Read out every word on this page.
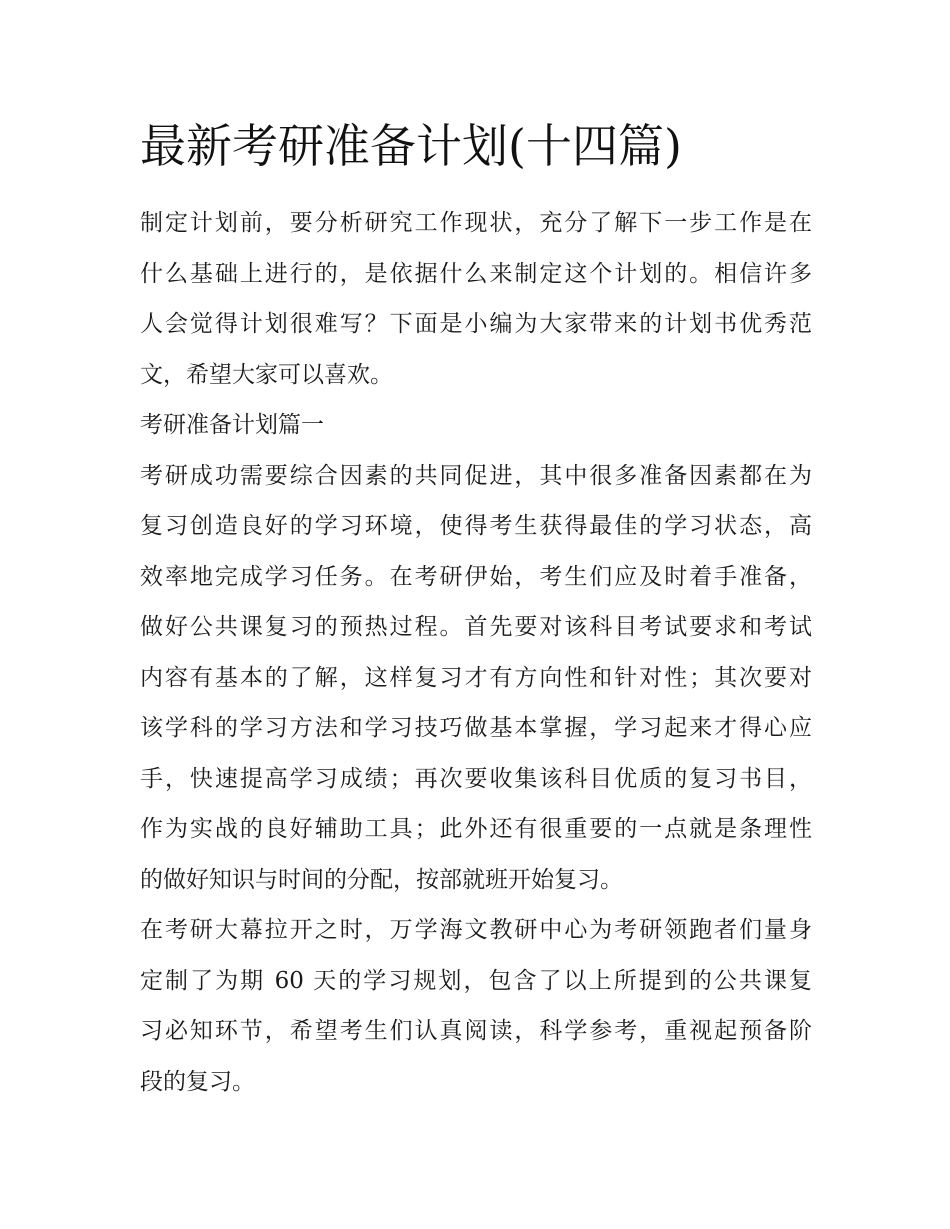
最新考研准备计划(十四篇)
制定计划前，要分析研究工作现状，充分了解下一步工作是在
什么基础上进行的，是依据什么来制定这个计划的。相信许多
人会觉得计划很难写？下面是小编为大家带来的计划书优秀范
文，希望大家可以喜欢。
考研准备计划篇一
考研成功需要综合因素的共同促进，其中很多准备因素都在为
复习创造良好的学习环境，使得考生获得最佳的学习状态，高
效率地完成学习任务。在考研伊始，考生们应及时着手准备，
做好公共课复习的预热过程。首先要对该科目考试要求和考试
内容有基本的了解，这样复习才有方向性和针对性；其次要对
该学科的学习方法和学习技巧做基本掌握，学习起来才得心应
手，快速提高学习成绩；再次要收集该科目优质的复习书目，
作为实战的良好辅助工具；此外还有很重要的一点就是条理性
的做好知识与时间的分配，按部就班开始复习。
在考研大幕拉开之时，万学海文教研中心为考研领跑者们量身
定制了为期 60 天的学习规划，包含了以上所提到的公共课复
习必知环节，希望考生们认真阅读，科学参考，重视起预备阶
段的复习。
